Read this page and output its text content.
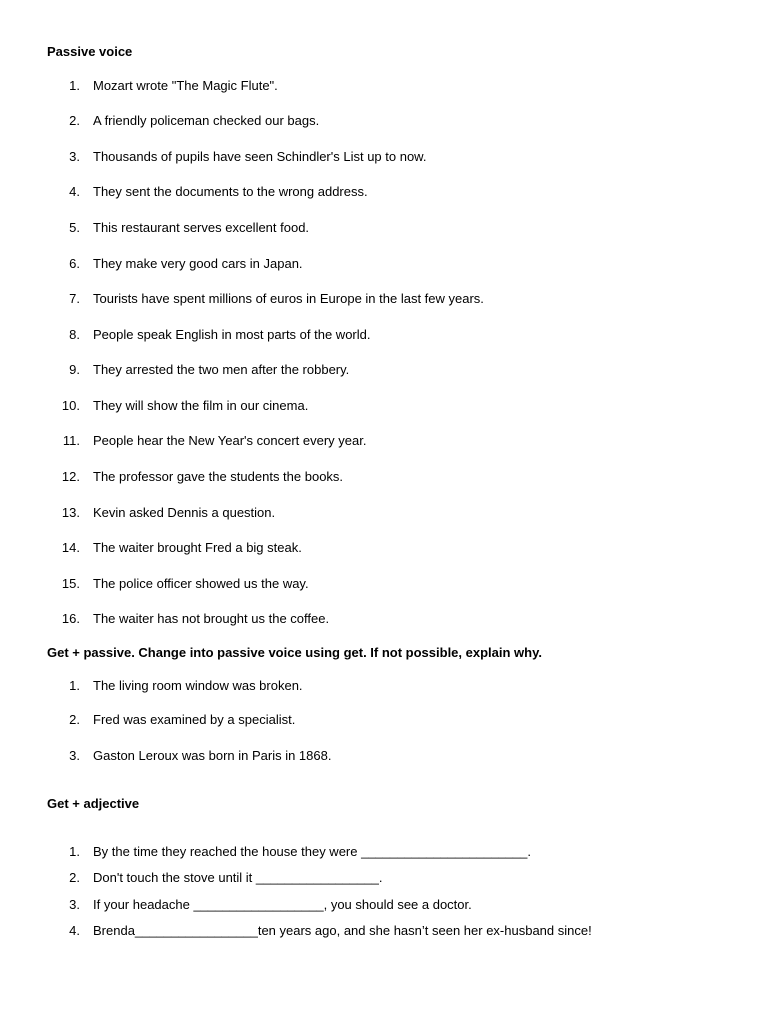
Passive voice
1. Mozart wrote "The Magic Flute".
2. A friendly policeman checked our bags.
3. Thousands of pupils have seen Schindler's List up to now.
4. They sent the documents to the wrong address.
5. This restaurant serves excellent food.
6. They make very good cars in Japan.
7. Tourists have spent millions of euros in Europe in the last few years.
8. People speak English in most parts of the world.
9. They arrested the two men after the robbery.
10. They will show the film in our cinema.
11. People hear the New Year's concert every year.
12. The professor gave the students the books.
13. Kevin asked Dennis a question.
14. The waiter brought Fred a big steak.
15. The police officer showed us the way.
16. The waiter has not brought us the coffee.
Get + passive. Change into passive voice using get. If not possible, explain why.
1. The living room window was broken.
2. Fred was examined by a specialist.
3. Gaston Leroux was born in Paris in 1868.
Get + adjective
1. By the time they reached the house they were _______________________.
2. Don't touch the stove until it _________________.
3. If your headache __________________, you should see a doctor.
4. Brenda_________________ten years ago, and she hasn’t seen her ex-husband since!
